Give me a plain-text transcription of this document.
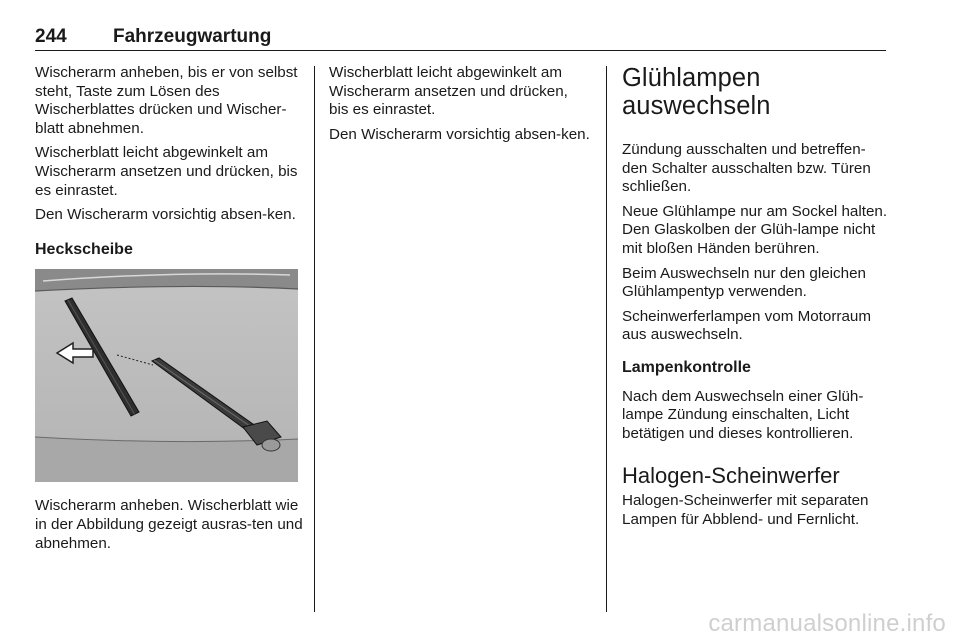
244 Fahrzeugwartung

Wischerarm anheben, bis er von selbst steht, Taste zum Lösen des Wischerblattes drücken und Wischer-blatt abnehmen.

Wischerblatt leicht abgewinkelt am Wischerarm ansetzen und drücken, bis es einrastet.

Den Wischerarm vorsichtig absen-ken.

Heckscheibe

Wischerarm anheben. Wischerblatt wie in der Abbildung gezeigt ausras-ten und abnehmen.

Wischerblatt leicht abgewinkelt am Wischerarm ansetzen und drücken, bis es einrastet.

Den Wischerarm vorsichtig absen-ken.

Glühlampen
auswechseln

Zündung ausschalten und betreffen-den Schalter ausschalten bzw. Türen schließen.

Neue Glühlampe nur am Sockel halten. Den Glaskolben der Glüh-lampe nicht mit bloßen Händen berühren.

Beim Auswechseln nur den gleichen Glühlampentyp verwenden.

Scheinwerferlampen vom Motorraum aus auswechseln.

Lampenkontrolle

Nach dem Auswechseln einer Glüh-lampe Zündung einschalten, Licht betätigen und dieses kontrollieren.

Halogen-Scheinwerfer

Halogen-Scheinwerfer mit separaten Lampen für Abblend- und Fernlicht.

carmanualsonline.info
